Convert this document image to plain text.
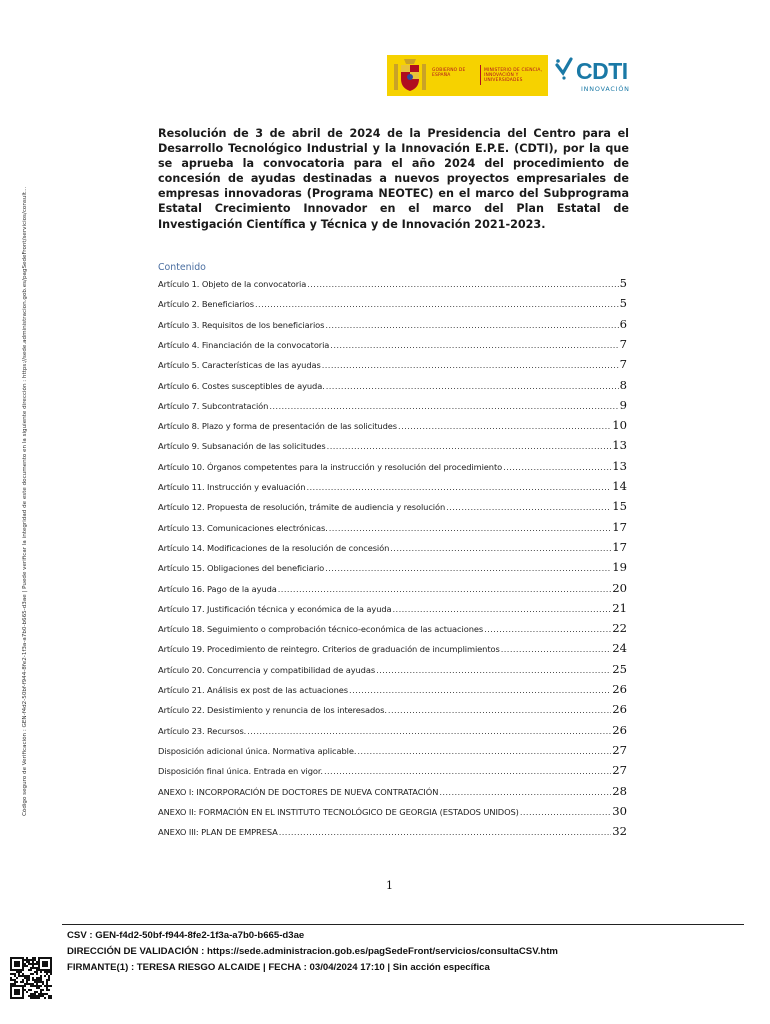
Código seguro de Verificación : GEN-f4d2-50bf-f944-8fe2-1f3a-a7b0-b665-d3ae | Puede verificar la integridad de este documento en la siguiente dirección : https://sede.administracion.gob.es/pagSedeFront/servicios/consult...
GOBIERNO DE ESPAÑA
MINISTERIO DE CIENCIA, INNOVACIÓN Y UNIVERSIDADES	CDTI
INNOVACIÓN
Resolución de 3 de abril de 2024 de la Presidencia del Centro para el Desarrollo Tecnológico Industrial y la Innovación E.P.E. (CDTI), por la que se aprueba la convocatoria para el año 2024 del procedimiento de concesión de ayudas destinadas a nuevos proyectos empresariales de empresas innovadoras (Programa NEOTEC) en el marco del Subprograma Estatal Crecimiento Innovador en el marco del Plan Estatal de Investigación Científica y Técnica y de Innovación 2021-2023.
Contenido
Artículo 1. Objeto de la convocatoria .....	5
Artículo 2. Beneficiarios .....	5
Artículo 3. Requisitos de los beneficiarios .....	6
Artículo 4. Financiación de la convocatoria .....	7
Artículo 5. Características de las ayudas .....	7
Artículo 6. Costes susceptibles de ayuda. .....	8
Artículo 7. Subcontratación .....	9
Artículo 8. Plazo y forma de presentación de las solicitudes .....	10
Artículo 9. Subsanación de las solicitudes .....	13
Artículo 10. Órganos competentes para la instrucción y resolución del procedimiento .....	13
Artículo 11. Instrucción y evaluación .....	14
Artículo 12. Propuesta de resolución, trámite de audiencia y resolución .....	15
Artículo 13. Comunicaciones electrónicas. .....	17
Artículo 14. Modificaciones de la resolución de concesión .....	17
Artículo 15. Obligaciones del beneficiario .....	19
Artículo 16. Pago de la ayuda .....	20
Artículo 17. Justificación técnica y económica de la ayuda .....	21
Artículo 18. Seguimiento o comprobación técnico-económica de las actuaciones .....	22
Artículo 19. Procedimiento de reintegro. Criterios de graduación de incumplimientos .....	24
Artículo 20. Concurrencia y compatibilidad de ayudas .....	25
Artículo 21. Análisis ex post de las actuaciones .....	26
Artículo 22. Desistimiento y renuncia de los interesados. .....	26
Artículo 23. Recursos. .....	26
Disposición adicional única. Normativa aplicable. .....	27
Disposición final única. Entrada en vigor. .....	27
ANEXO I: INCORPORACIÓN DE DOCTORES DE NUEVA CONTRATACIÓN .....	28
ANEXO II: FORMACIÓN EN EL INSTITUTO TECNOLÓGICO DE GEORGIA (ESTADOS UNIDOS) .....	30
ANEXO III: PLAN DE EMPRESA .....	32
1
CSV : GEN-f4d2-50bf-f944-8fe2-1f3a-a7b0-b665-d3ae
DIRECCIÓN DE VALIDACIÓN : https://sede.administracion.gob.es/pagSedeFront/servicios/consultaCSV.htm
FIRMANTE(1) : TERESA RIESGO ALCAIDE | FECHA : 03/04/2024 17:10 | Sin acción específica
